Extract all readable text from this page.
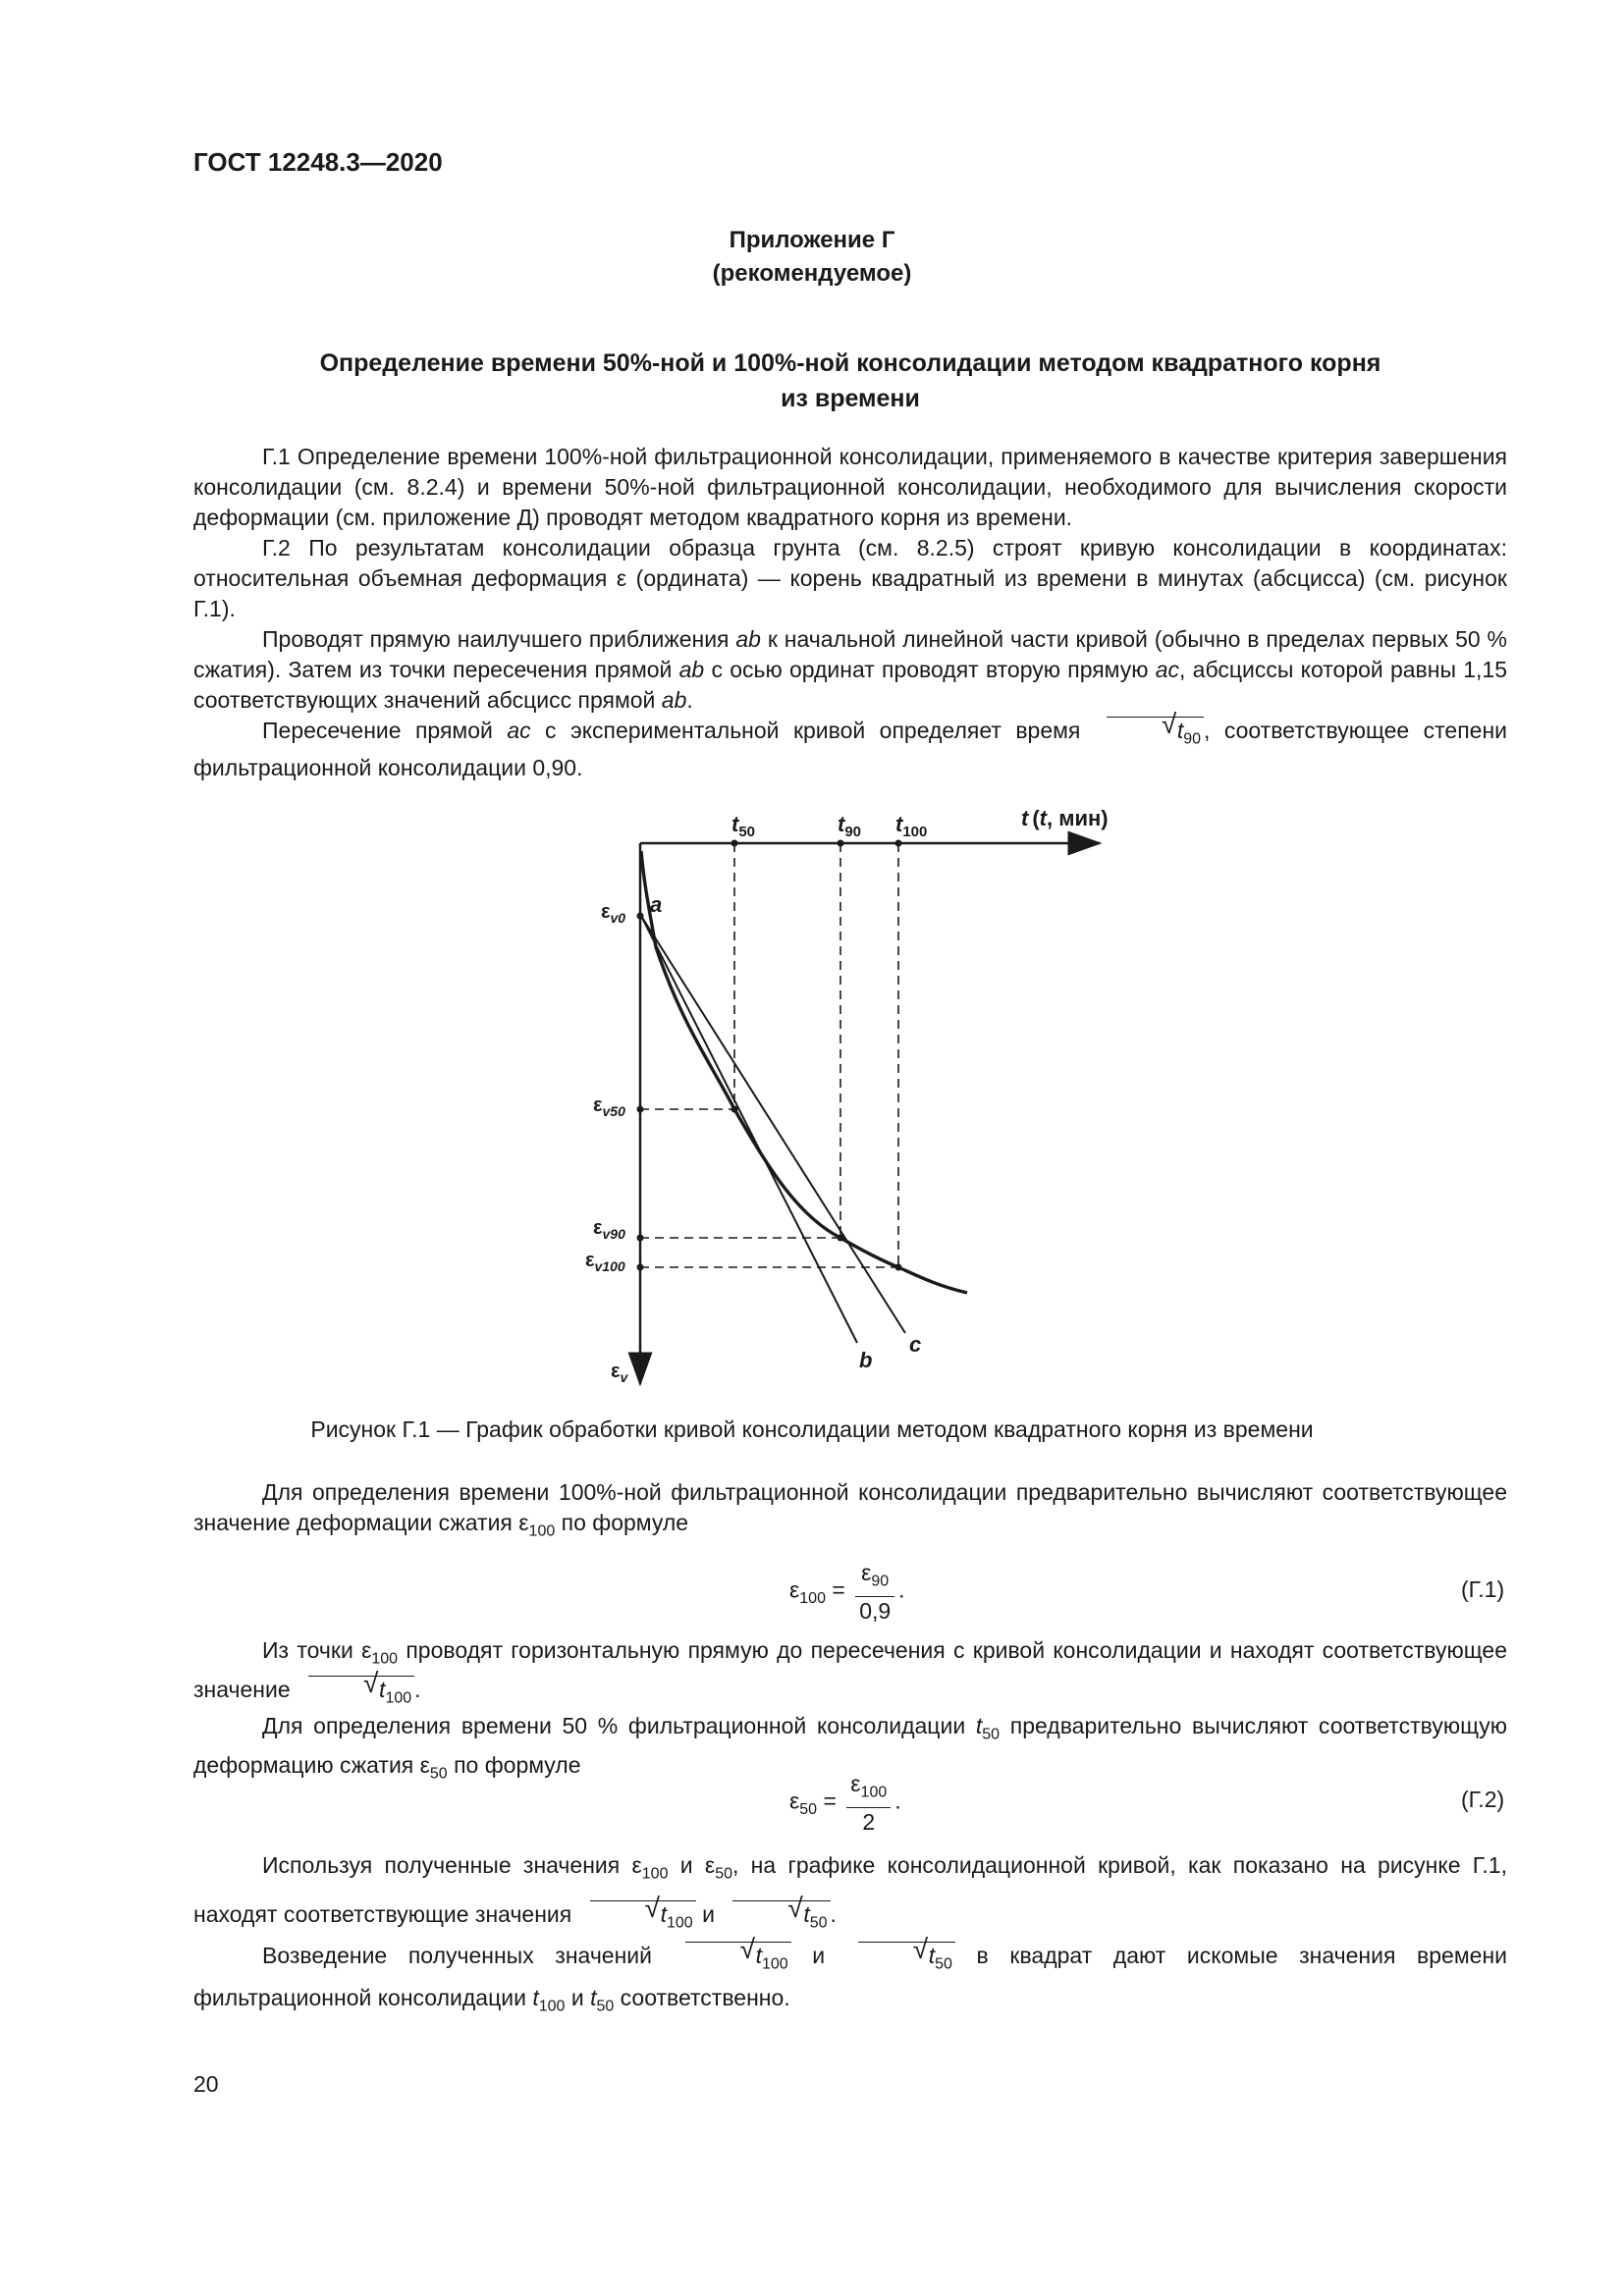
ГОСТ 12248.3—2020
Приложение Г
(рекомендуемое)
Определение времени 50%-ной и 100%-ной консолидации методом квадратного корня
из времени

Г.1 Определение времени 100%-ной фильтрационной консолидации, применяемого в качестве критерия завершения консолидации (см. 8.2.4) и времени 50%-ной фильтрационной консолидации, необходимого для вычисления скорости деформации (см. приложение Д) проводят методом квадратного корня из времени.

Г.2 По результатам консолидации образца грунта (см. 8.2.5) строят кривую консолидации в координатах: относительная объемная деформация ε (ордината) — корень квадратный из времени в минутах (абсцисса) (см. рисунок Г.1).

Проводят прямую наилучшего приближения ab к начальной линейной части кривой (обычно в пределах первых 50 % сжатия). Затем из точки пересечения прямой ab с осью ординат проводят вторую прямую ac, абсциссы которой равны 1,15 соответствующих значений абсцисс прямой ab.

Пересечение прямой ac с экспериментальной кривой определяет время	√ $t_{90}$ , соответствующее степени фильтрационной консолидации 0,90.

$t_{50}$	$t_{90}$ $t_{100}$
t (t, мин)
$\varepsilon_{v0}$
$\varepsilon_{v50}$
$\varepsilon_{v90}$
$\varepsilon_{v100}$
$\varepsilon_v$
a
b
c
Рисунок Г.1 — График обработки кривой консолидации методом квадратного корня из времени

Для определения времени 100%-ной фильтрационной консолидации предварительно вычисляют соответствующее значение деформации сжатия $\varepsilon_{100}$ по формуле

$\varepsilon_{100} = \frac{\varepsilon_{90}}{0,9}$ .	(Г.1)

Из точки $\varepsilon_{100}$ проводят горизонтальную прямую до пересечения с кривой консолидации и находят соответствующее значение	√ $t_{100}$ .

Для определения времени 50 % фильтрационной консолидации $t_{50}$ предварительно вычисляют соответствующую деформацию сжатия $\varepsilon_{50}$ по формуле

$\varepsilon_{50} = \frac{\varepsilon_{100}}{2}$ .	(Г.2)

Используя полученные значения $\varepsilon_{100}$ и $\varepsilon_{50}$, на графике консолидационной кривой, как показано на рисунке Г.1, находят соответствующие значения	√ $t_{100}$ и	√ $t_{50}$ .

Возведение полученных значений	√ $t_{100}$ и	√ $t_{50}$ в квадрат дают искомые значения времени фильтрационной консолидации $t_{100}$ и $t_{50}$ соответственно.

20
